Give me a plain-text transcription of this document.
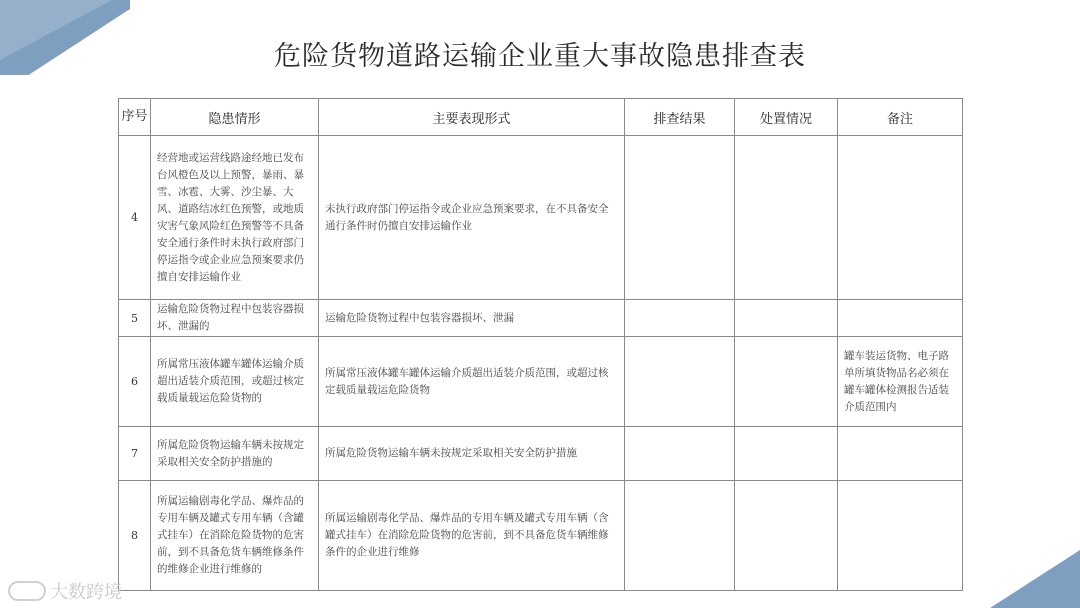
危险货物道路运输企业重大事故隐患排查表
序号	隐患情形	主要表现形式	排查结果	处置情况	备注
4	经营地或运营线路途经地已发布台风橙色及以上预警，暴雨、暴雪、冰雹、大雾、沙尘暴、大风、道路结冰红色预警，或地质灾害气象风险红色预警等不具备安全通行条件时未执行政府部门停运指令或企业应急预案要求仍擅自安排运输作业	未执行政府部门停运指令或企业应急预案要求，在不具备安全通行条件时仍擅自安排运输作业			
5	运输危险货物过程中包装容器损坏、泄漏的	运输危险货物过程中包装容器损坏、泄漏			
6	所属常压液体罐车罐体运输介质超出适装介质范围，或超过核定载质量载运危险货物的	所属常压液体罐车罐体运输介质超出适装介质范围，或超过核定载质量载运危险货物			罐车装运货物、电子路单所填货物品名必须在罐车罐体检测报告适装介质范围内
7	所属危险货物运输车辆未按规定采取相关安全防护措施的	所属危险货物运输车辆未按规定采取相关安全防护措施			
8	所属运输剧毒化学品、爆炸品的专用车辆及罐式专用车辆（含罐式挂车）在消除危险货物的危害前，到不具备危货车辆维修条件的维修企业进行维修的	所属运输剧毒化学品、爆炸品的专用车辆及罐式专用车辆（含罐式挂车）在消除危险货物的危害前，到不具备危货车辆维修条件的企业进行维修			
大数跨境
